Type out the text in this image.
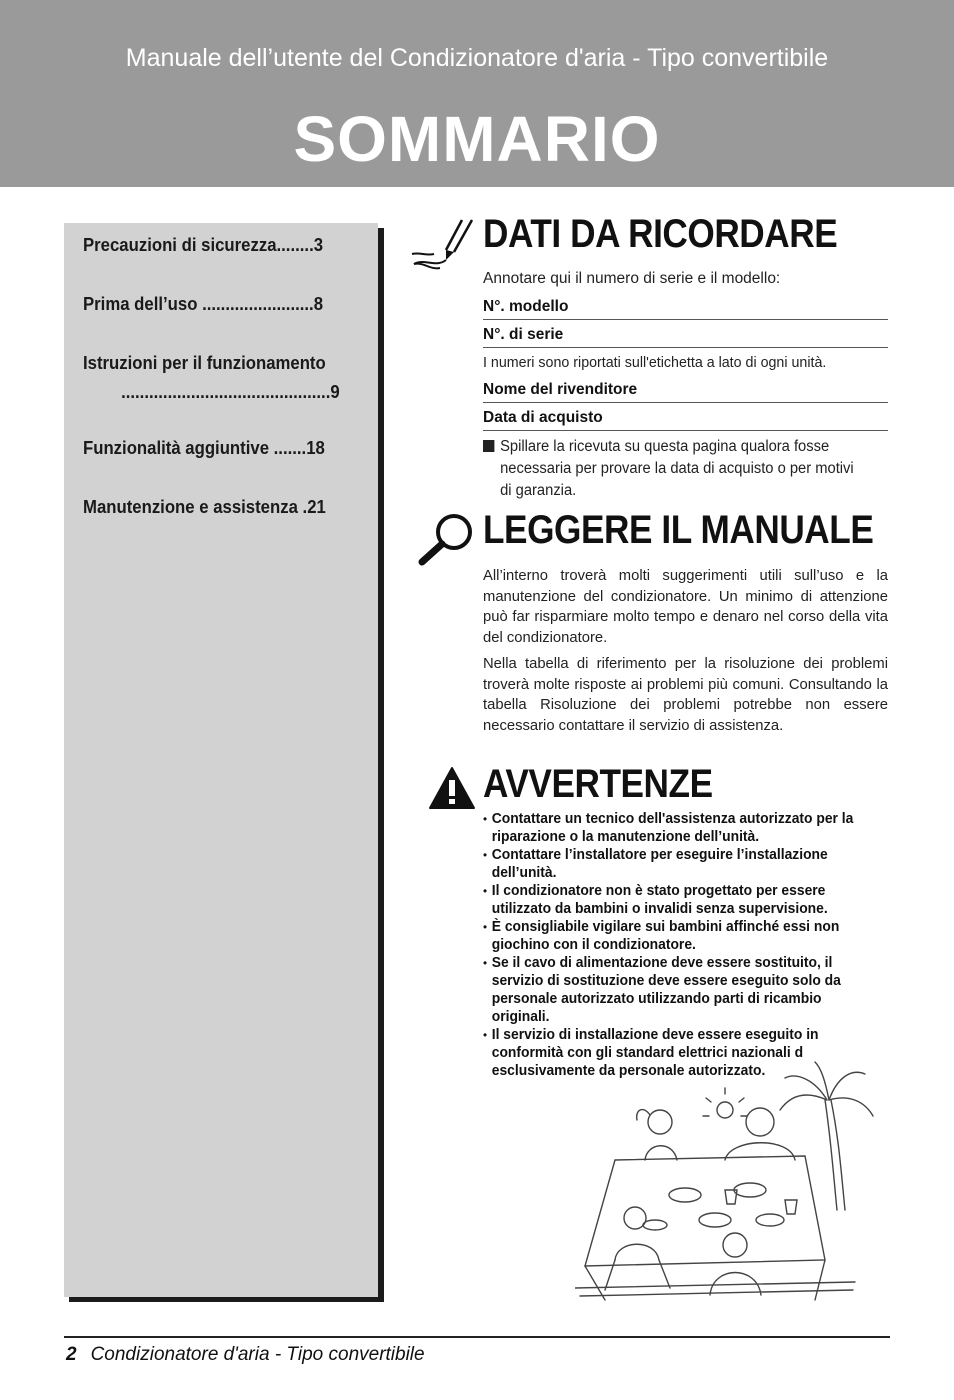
Manuale dell’utente del Condizionatore d'aria - Tipo convertibile
SOMMARIO
Precauzioni di sicurezza........3
Prima dell’uso ........................8
Istruzioni per il funzionamento
.............................................9
Funzionalità aggiuntive .......18
Manutenzione e assistenza .21
DATI DA RICORDARE
Annotare qui il numero di serie e il modello:
N°. modello
N°. di serie
I numeri sono riportati sull'etichetta a lato di ogni unità.
Nome del rivenditore
Data di acquisto
Spillare la ricevuta su questa pagina qualora fosse necessaria per provare la data di acquisto o per motivi di garanzia.
LEGGERE IL MANUALE
All’interno troverà molti suggerimenti utili sull’uso e la manutenzione del condizionatore. Un minimo di attenzione può far risparmiare molto tempo e denaro nel corso della vita del condizionatore.
Nella tabella di riferimento per la risoluzione dei problemi troverà molte risposte ai problemi più comuni. Consultando la tabella Risoluzione dei problemi potrebbe non essere necessario contattare il servizio di assistenza.
AVVERTENZE
• Contattare un tecnico dell'assistenza autorizzato per la riparazione o la manutenzione dell’unità.
• Contattare l’installatore per eseguire l’installazione dell’unità.
• Il condizionatore non è stato progettato per essere utilizzato da bambini o invalidi senza supervisione.
• È consigliabile vigilare sui bambini affinché essi non giochino con il condizionatore.
• Se il cavo di alimentazione deve essere sostituito, il servizio di sostituzione deve essere eseguito solo da personale autorizzato utilizzando parti di ricambio originali.
• Il servizio di installazione deve essere eseguito in conformità con gli standard elettrici nazionali d esclusivamente da personale autorizzato.
2 Condizionatore d'aria - Tipo convertibile
